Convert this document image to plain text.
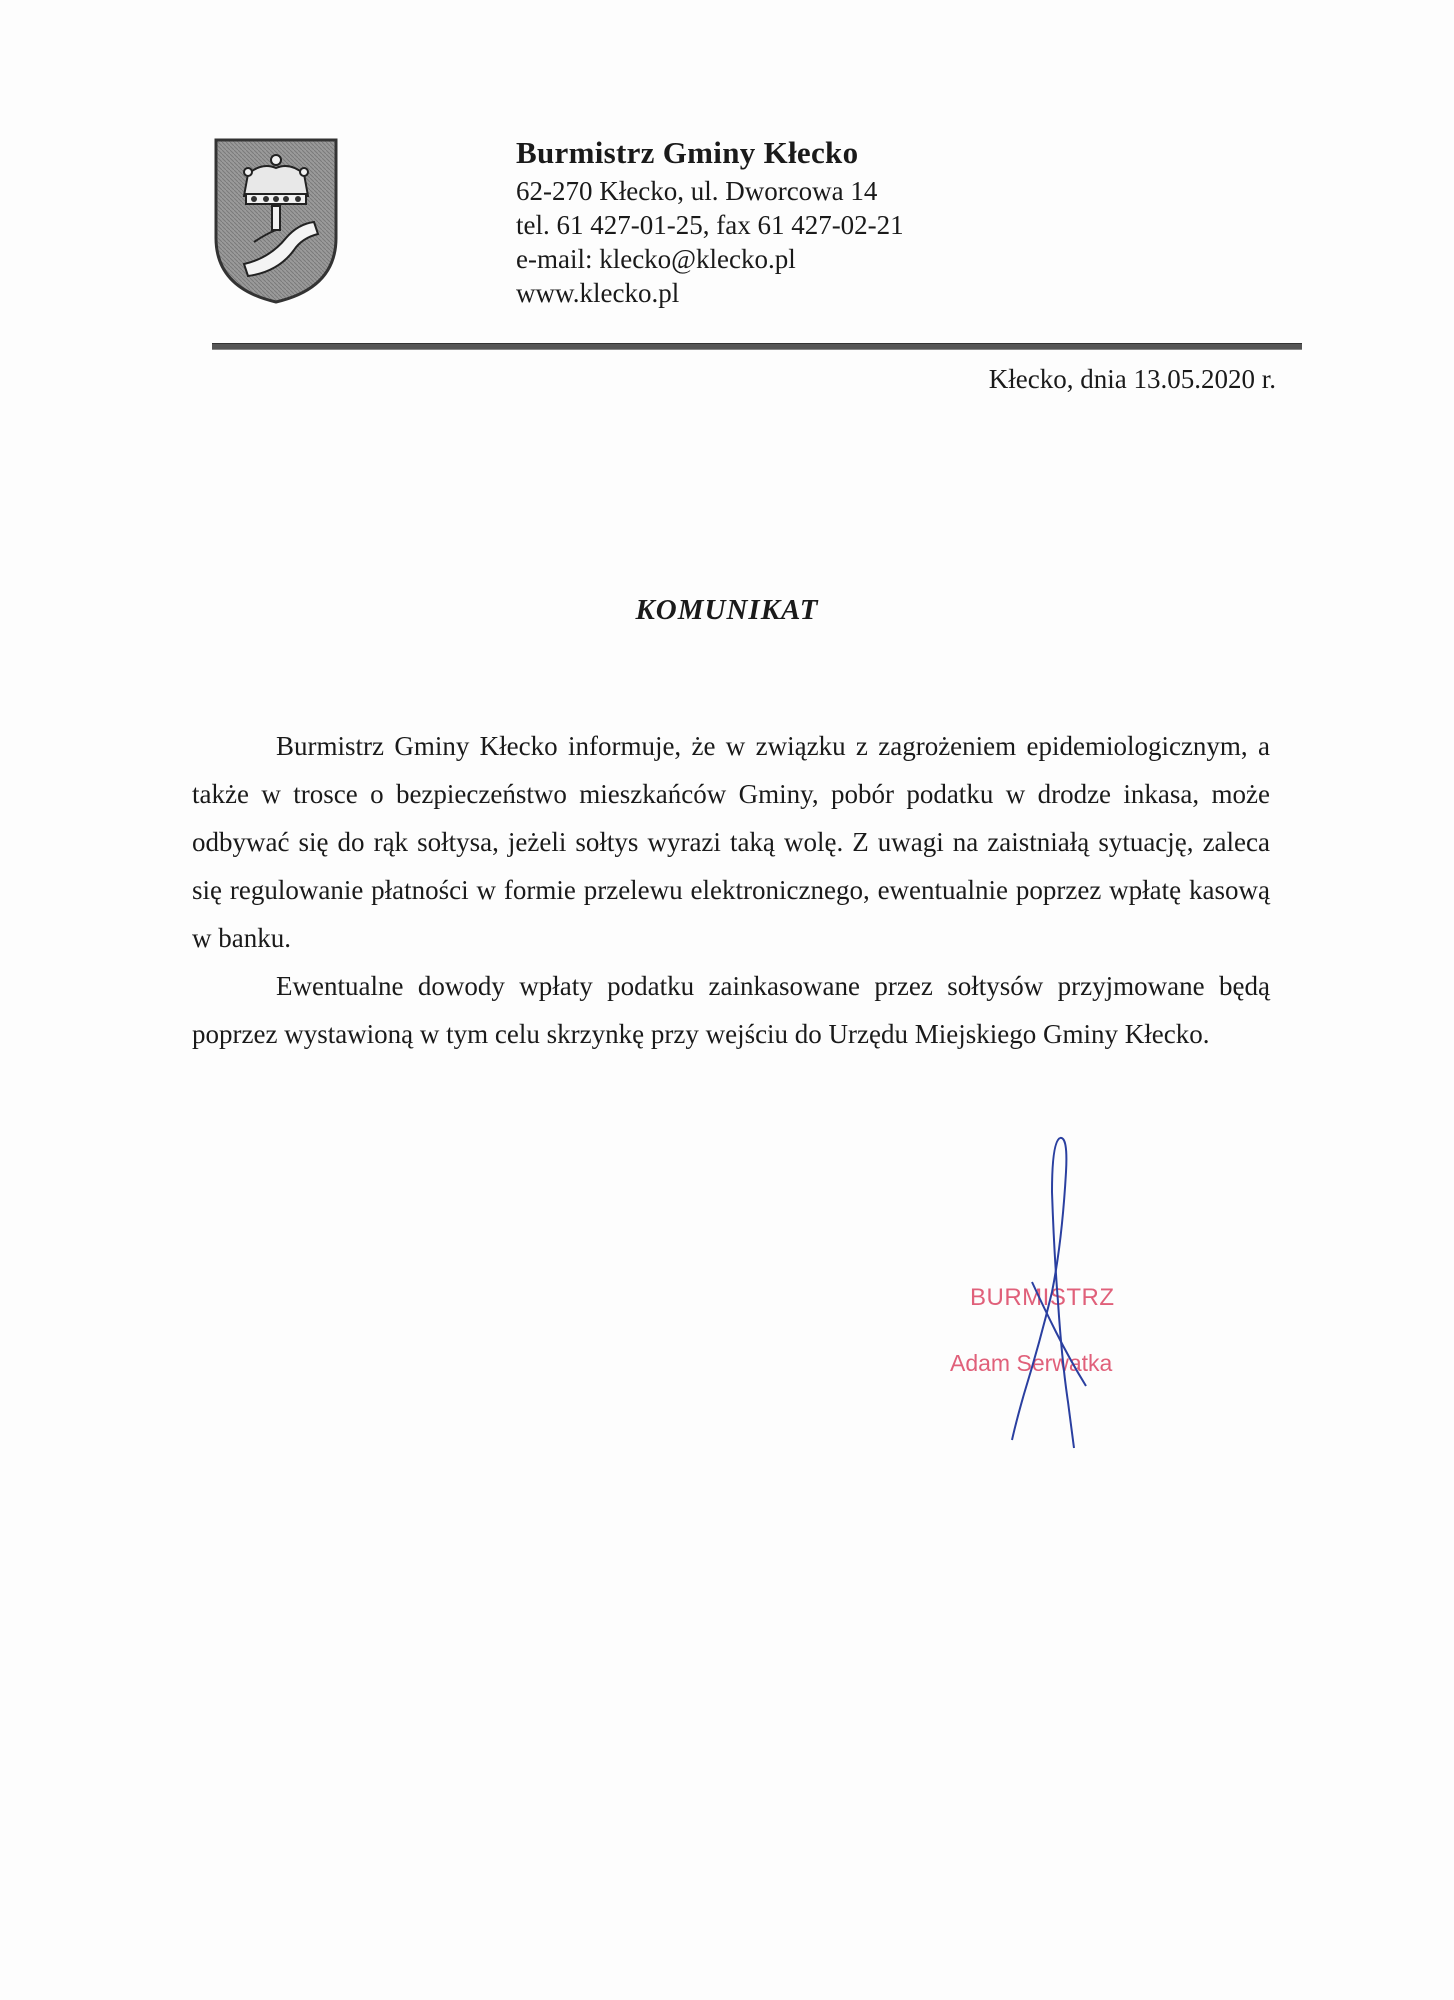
Burmistrz Gminy Kłecko
62-270 Kłecko, ul. Dworcowa 14
tel. 61 427-01-25, fax 61 427-02-21
e-mail: klecko@klecko.pl
www.klecko.pl
Kłecko, dnia 13.05.2020 r.
KOMUNIKAT

Burmistrz Gminy Kłecko informuje, że w związku z zagrożeniem epidemiologicznym, a także w trosce o bezpieczeństwo mieszkańców Gminy, pobór podatku w drodze inkasa, może odbywać się do rąk sołtysa, jeżeli sołtys wyrazi taką wolę. Z uwagi na zaistniałą sytuację, zaleca się regulowanie płatności w formie przelewu elektronicznego, ewentualnie poprzez wpłatę kasową w banku.

Ewentualne dowody wpłaty podatku zainkasowane przez sołtysów przyjmowane będą poprzez wystawioną w tym celu skrzynkę przy wejściu do Urzędu Miejskiego Gminy Kłecko.

BURMISTRZ
Adam Serwatka
